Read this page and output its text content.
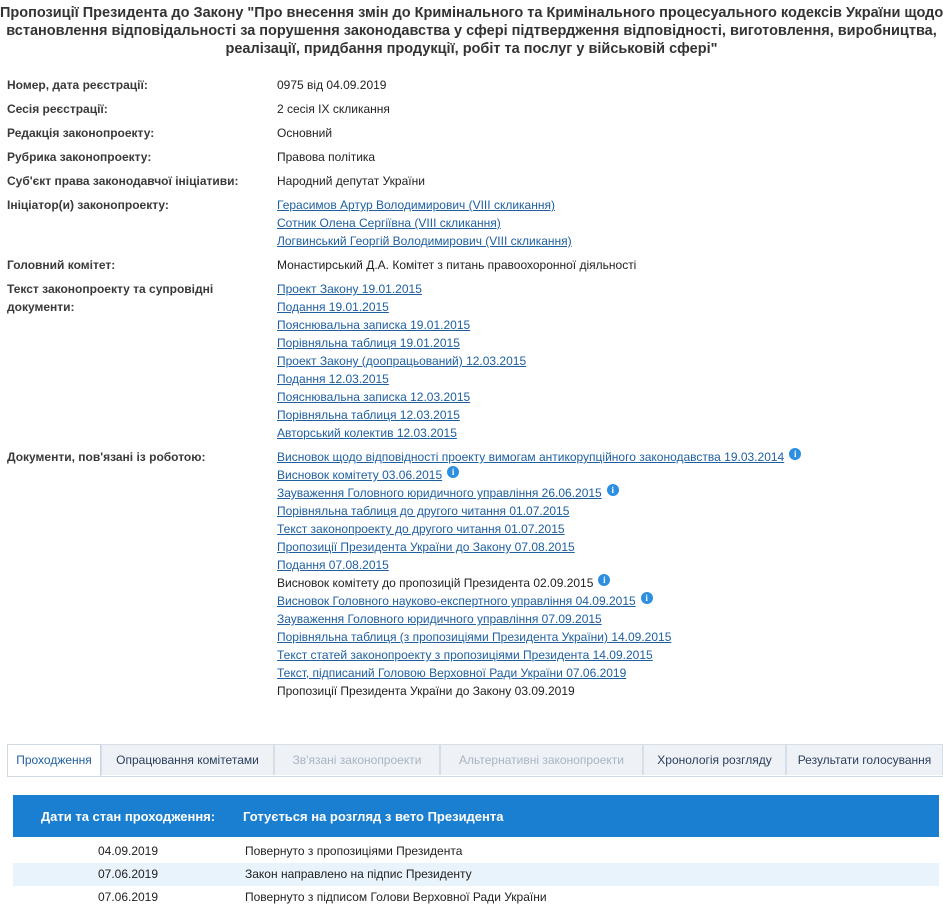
Пропозиції Президента до Закону "Про внесення змін до Кримінального та Кримінального процесуального кодексів України щодо
встановлення відповідальності за порушення законодавства у сфері підтвердження відповідності, виготовлення, виробництва,
реалізації, придбання продукції, робіт та послуг у військовій сфері"
Номер, дата реєстрації:	0975 від 04.09.2019
Сесія реєстрації:	2 сесія IX скликання
Редакція законопроекту:	Основний
Рубрика законопроекту:	Правова політика
Суб'єкт права законодавчої ініціативи:	Народний депутат України
Ініціатор(и) законопроекту:	Герасимов Артур Володимирович (VIII скликання)
Сотник Олена Сергіївна (VIII скликання)
Логвинський Георгій Володимирович (VIII скликання)
Головний комітет:	Монастирський Д.А. Комітет з питань правоохоронної діяльності
Текст законопроекту та супровідні
документи:
Проект Закону 19.01.2015
Подання 19.01.2015
Пояснювальна записка 19.01.2015
Порівняльна таблиця 19.01.2015
Проект Закону (доопрацьований) 12.03.2015
Подання 12.03.2015
Пояснювальна записка 12.03.2015
Порівняльна таблиця 12.03.2015
Авторський колектив 12.03.2015
Документи, пов'язані із роботою:	Висновок щодо відповідності проекту вимогам антикорупційного законодавства 19.03.2014	i
Висновок комітету 03.06.2015	i
Зауваження Головного юридичного управління 26.06.2015	i
Порівняльна таблиця до другого читання 01.07.2015
Текст законопроекту до другого читання 01.07.2015
Пропозиції Президента України до Закону 07.08.2015
Подання 07.08.2015
Висновок комітету до пропозицій Президента 02.09.2015	i
Висновок Головного науково-експертного управління 04.09.2015	i
Зауваження Головного юридичного управління 07.09.2015
Порівняльна таблиця (з пропозиціями Президента України) 14.09.2015
Текст статей законопроекту з пропозиціями Президента 14.09.2015
Текст, підписаний Головою Верховної Ради України 07.06.2019
Пропозиції Президента України до Закону 03.09.2019
Проходження	Опрацювання комітетами	Зв'язані законопроекти	Альтернативні законопроекти	Хронологія розгляду	Результати голосування
Дати та стан проходження:	Готується на розгляд з вето Президента
04.09.2019	Повернуто з пропозиціями Президента
07.06.2019	Закон направлено на підпис Президенту
07.06.2019	Повернуто з підписом Голови Верховної Ради України
